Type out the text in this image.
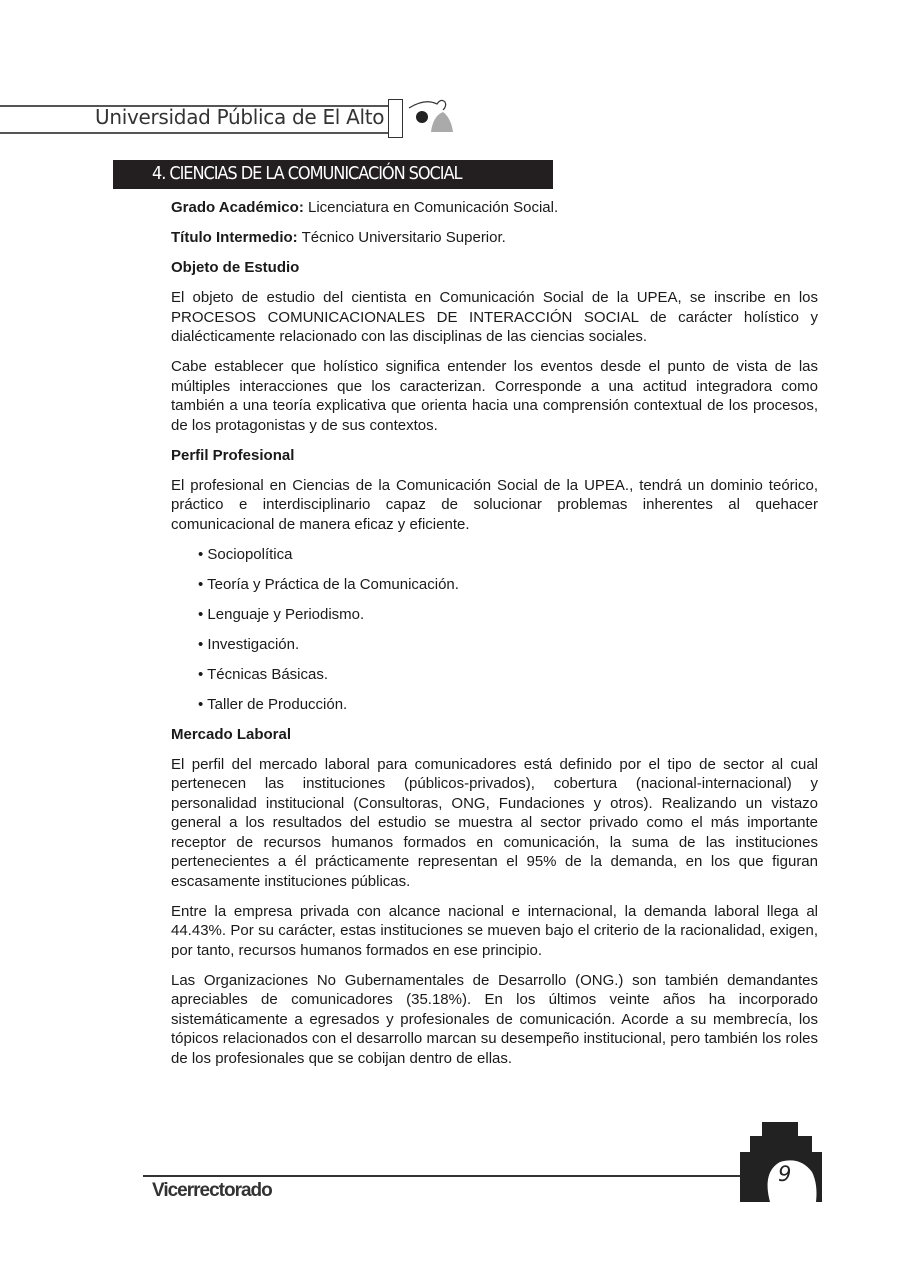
Universidad Pública de El Alto
4. CIENCIAS DE LA COMUNICACIÓN SOCIAL

Grado Académico: Licenciatura en Comunicación Social.

Título Intermedio: Técnico Universitario Superior.

Objeto de Estudio

El objeto de estudio del cientista en Comunicación Social de la UPEA, se inscribe en los PROCESOS COMUNICACIONALES DE INTERACCIÓN SOCIAL de carácter holístico y dialécticamente relacionado con las disciplinas de las ciencias sociales.

Cabe establecer que holístico significa entender los eventos desde el punto de vista de las múltiples interacciones que los caracterizan. Corresponde a una actitud integradora como también a una teoría explicativa que orienta hacia una comprensión contextual de los procesos, de los protagonistas y de sus contextos.

Perfil Profesional

El profesional en Ciencias de la Comunicación Social de la UPEA., tendrá un dominio teórico, práctico e interdisciplinario capaz de solucionar problemas inherentes al quehacer comunicacional de manera eficaz y eficiente.

• Sociopolítica

• Teoría y Práctica de la Comunicación.

• Lenguaje y Periodismo.

• Investigación.

• Técnicas Básicas.

• Taller de Producción.

Mercado Laboral

El perfil del mercado laboral para comunicadores está definido por el tipo de sector al cual pertenecen las instituciones (públicos-privados), cobertura (nacional-internacional) y personalidad institucional (Consultoras, ONG, Fundaciones y otros). Realizando un vistazo general a los resultados del estudio se muestra al sector privado como el más importante receptor de recursos humanos formados en comunicación, la suma de las instituciones pertenecientes a él prácticamente representan el 95% de la demanda, en los que figuran escasamente instituciones públicas.

Entre la empresa privada con alcance nacional e internacional, la demanda laboral llega al 44.43%. Por su carácter, estas instituciones se mueven bajo el criterio de la racionalidad, exigen, por tanto, recursos humanos formados en ese principio.

Las Organizaciones No Gubernamentales de Desarrollo (ONG.) son también demandantes apreciables de comunicadores (35.18%). En los últimos veinte años ha incorporado sistemáticamente a egresados y profesionales de comunicación. Acorde a su membrecía, los tópicos relacionados con el desarrollo marcan su desempeño institucional, pero también los roles de los profesionales que se cobijan dentro de ellas.

Vicerrectorado
9
